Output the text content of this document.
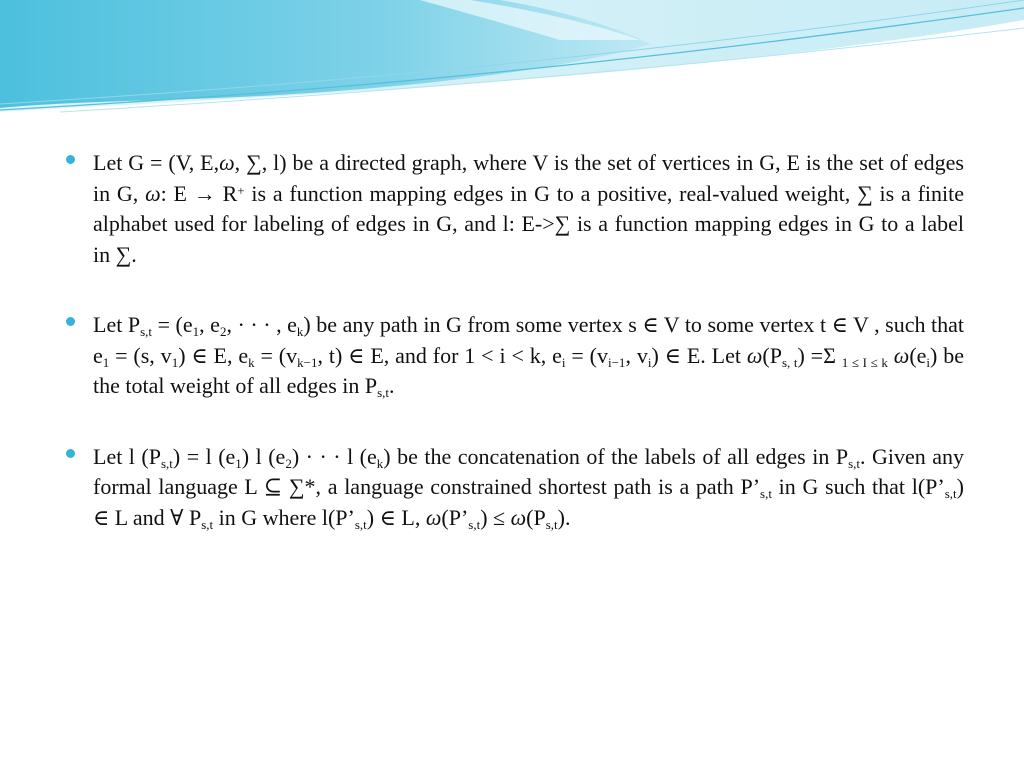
Let G = (V, E,ω, ∑, l) be a directed graph, where V is the set of vertices in G, E is the set of edges in G, ω: E → R+ is a function mapping edges in G to a positive, real-valued weight, ∑ is a finite alphabet used for labeling of edges in G, and l: E->∑ is a function mapping edges in G to a label in ∑.

Let $P_{s,t} = (e_1$, $e_2$, · · · , $e_k$) be any path in G from some vertex s ∈ V to some vertex t ∈ V , such that $e_1 = (s$, $v_1$) ∈ E, $e_k = (v_{k-1}$, t) ∈ E, and for 1 < i < k, $e_i = (v_{i-1}$, $v_i$) ∈ E. Let $\omega(P_{s, t}) =\Sigma$ $_{1 \le I \le k}$ $\omega(e_i)$ be the total weight of all edges in $P_{s,t}$.

Let l $(P_{s,t}) = l$ $(e_1)$ l $(e_2)$ · · · l $(e_k)$ be the concatenation of the labels of all edges in $P_{s,t}$. Given any formal language L ⊆ ∑*, a language constrained shortest path is a path $P’_{s,t}$ in G such that $l(P’_{s,t})$ ∈ L and ∀ $P_{s,t}$ in G where $l(P’_{s,t})$ ∈ L, $\omega(P’_{s,t}) \le \omega(P_{s,t})$.
